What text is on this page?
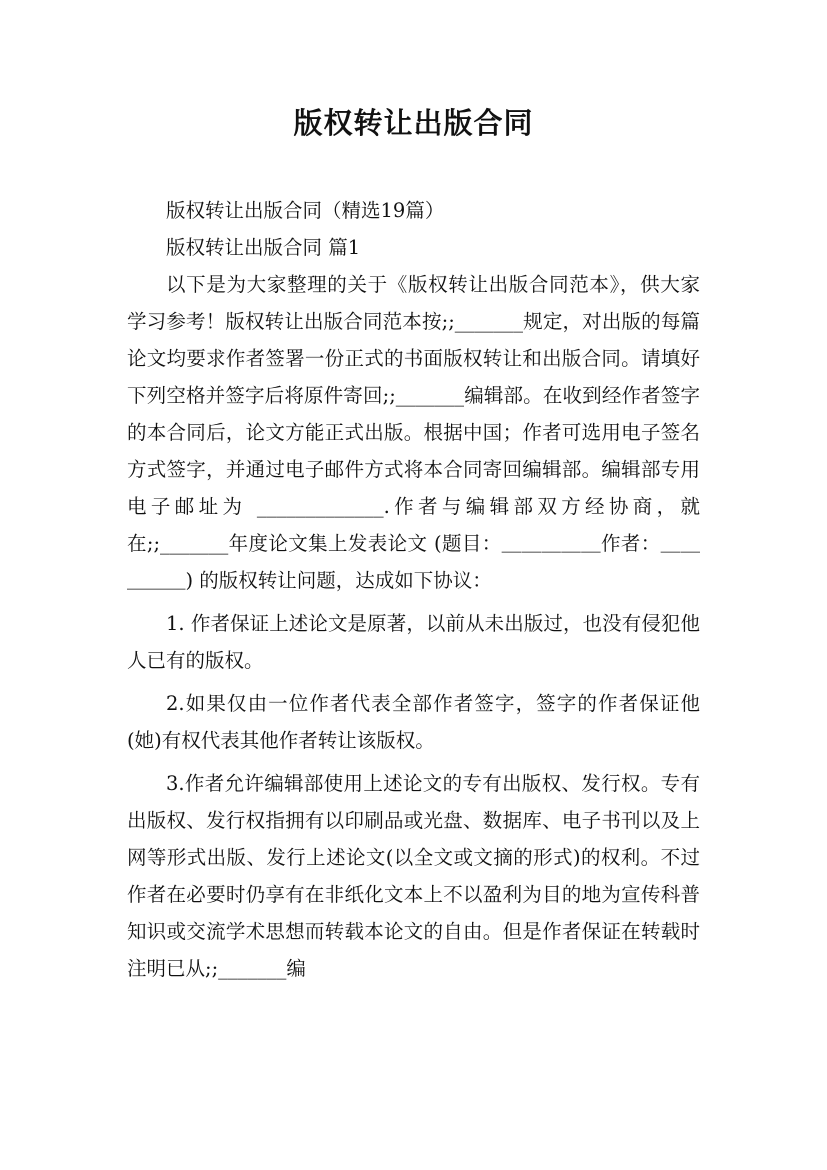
版权转让出版合同

版权转让出版合同（精选19篇）

版权转让出版合同 篇1

以下是为大家整理的关于《版权转让出版合同范本》，供大家学习参考！版权转让出版合同范本按;;_______规定，对出版的每篇论文均要求作者签署一份正式的书面版权转让和出版合同。请填好下列空格并签字后将原件寄回;;_______编辑部。在收到经作者签字的本合同后，论文方能正式出版。根据中国；作者可选用电子签名方式签字，并通过电子邮件方式将本合同寄回编辑部。编辑部专用电子邮址为 _____________.作者与编辑部双方经协商，就在;;_______年度论文集上发表论文 (题目：＿＿＿＿＿作者：＿＿＿＿＿) 的版权转让问题，达成如下协议：

1. 作者保证上述论文是原著，以前从未出版过，也没有侵犯他人已有的版权。

2.如果仅由一位作者代表全部作者签字，签字的作者保证他(她)有权代表其他作者转让该版权。

3.作者允许编辑部使用上述论文的专有出版权、发行权。专有出版权、发行权指拥有以印刷品或光盘、数据库、电子书刊以及上网等形式出版、发行上述论文(以全文或文摘的形式)的权利。不过作者在必要时仍享有在非纸化文本上不以盈利为目的地为宣传科普知识或交流学术思想而转载本论文的自由。但是作者保证在转载时注明已从;;_______编
